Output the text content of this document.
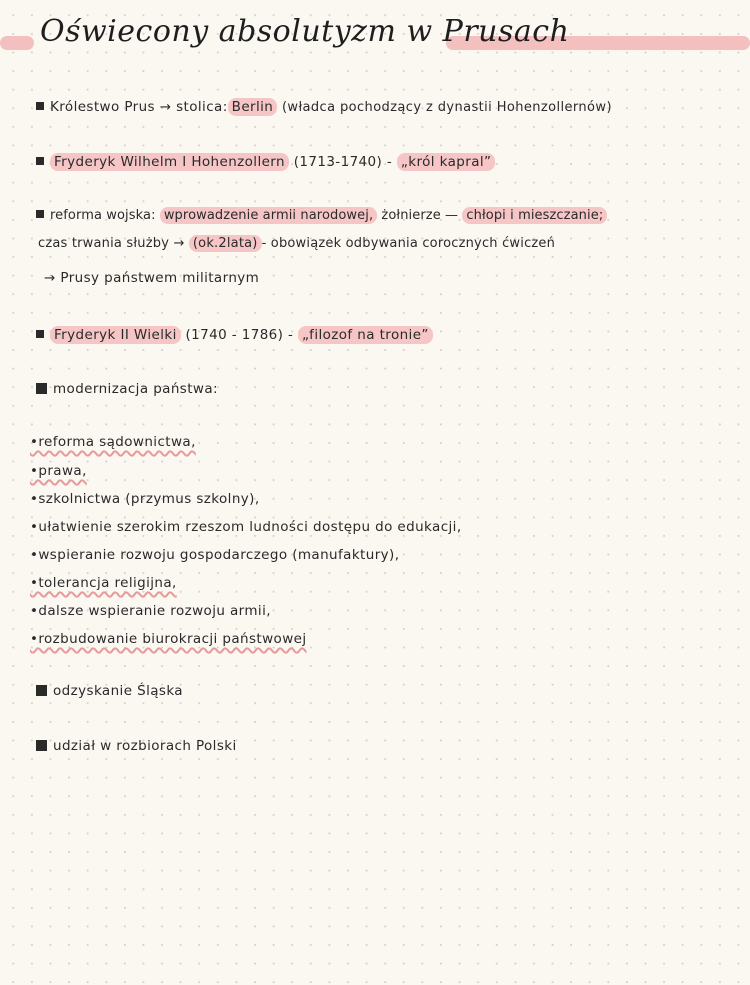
Oświecony absolutyzm w Prusach
Królestwo Prus → stolica: Berlin (władca pochodzący z dynastii Hohenzollernów)
Fryderyk Wilhelm I Hohenzollern (1713-1740) - „król kapral”
reforma wojska: wprowadzenie armii narodowej, żołnierze — chłopi i mieszczanie;
czas trwania służby → (ok.2lata) - obowiązek odbywania corocznych ćwiczeń
→ Prusy państwem militarnym
Fryderyk II Wielki (1740 - 1786) - „filozof na tronie”
modernizacja państwa:
•reforma sądownictwa,
•prawa,
•szkolnictwa (przymus szkolny),
•ułatwienie szerokim rzeszom ludności dostępu do edukacji,
•wspieranie rozwoju gospodarczego (manufaktury),
•tolerancja religijna,
•dalsze wspieranie rozwoju armii,
•rozbudowanie biurokracji państwowej
odzyskanie Śląska
udział w rozbiorach Polski
